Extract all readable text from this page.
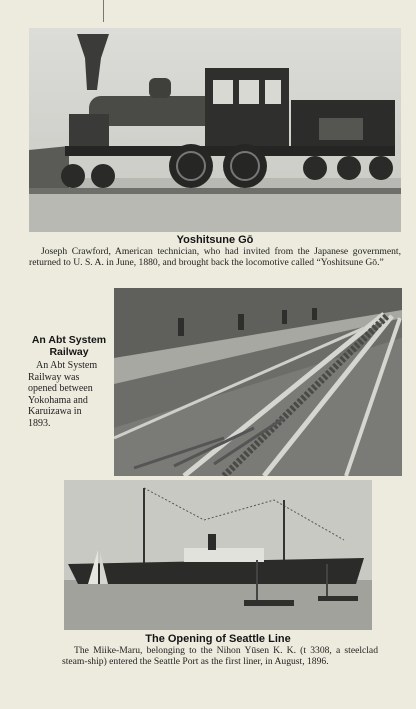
Yoshitsune Gō

Joseph Crawford, American technician, who had invited from the Japanese government, returned to U. S. A. in June, 1880, and brought back the locomotive called “Yoshitsune Gō.”

An Abt System Railway

An Abt System
Railway was
opened between
Yokohama and
Karuizawa in
1893.

The Opening of Seattle Line

The Miike-Maru, belonging to the Nihon Yūsen K. K. (t 3308, a steelclad steam-ship) entered the Seattle Port as the first liner, in August, 1896.
